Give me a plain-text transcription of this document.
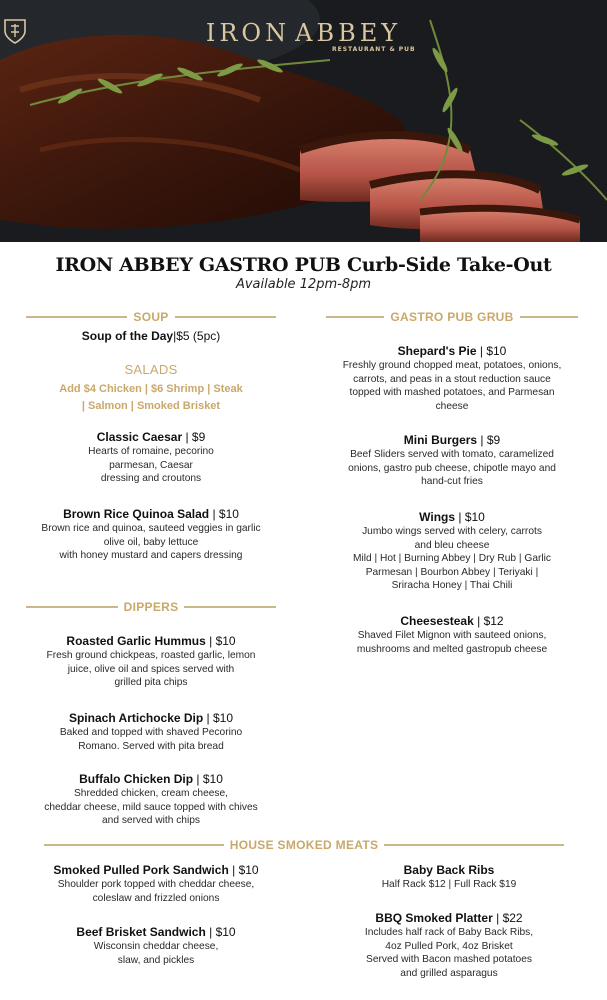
IRON ABBEY
RESTAURANT & PUB
IRON ABBEY GASTRO PUB Curb-Side Take-Out
Available 12pm-8pm
SOUP
Soup of the Day|$5 (5pc)
SALADS
Add $4 Chicken | $6 Shrimp | Steak
| Salmon | Smoked Brisket
Classic Caesar | $9
Hearts of romaine, pecorino
parmesan, Caesar
dressing and croutons
Brown Rice Quinoa Salad | $10
Brown rice and quinoa, sauteed veggies in garlic
olive oil, baby lettuce
with honey mustard and capers dressing
DIPPERS
Roasted Garlic Hummus | $10
Fresh ground chickpeas, roasted garlic, lemon
juice, olive oil and spices served with
grilled pita chips
Spinach Artichocke Dip | $10
Baked and topped with shaved Pecorino
Romano. Served with pita bread
Buffalo Chicken Dip | $10
Shredded chicken, cream cheese,
cheddar cheese, mild sauce topped with chives
and served with chips
GASTRO PUB GRUB
Shepard's Pie | $10
Freshly ground chopped meat, potatoes, onions,
carrots, and peas in a stout reduction sauce
topped with mashed potatoes, and Parmesan
cheese
Mini Burgers | $9
Beef Sliders served with tomato, caramelized
onions, gastro pub cheese, chipotle mayo and
hand-cut fries
Wings | $10
Jumbo wings served with celery, carrots
and bleu cheese
Mild | Hot | Burning Abbey | Dry Rub | Garlic
Parmesan | Bourbon Abbey | Teriyaki |
Sriracha Honey | Thai Chili
Cheesesteak | $12
Shaved Filet Mignon with sauteed onions,
mushrooms and melted gastropub cheese
HOUSE SMOKED MEATS
Smoked Pulled Pork Sandwich | $10
Shoulder pork topped with cheddar cheese,
coleslaw and frizzled onions
Beef Brisket Sandwich | $10
Wisconsin cheddar cheese,
slaw, and pickles
Baby Back Ribs
Half Rack $12 | Full Rack $19
BBQ Smoked Platter | $22
Includes half rack of Baby Back Ribs,
4oz Pulled Pork, 4oz Brisket
Served with Bacon mashed potatoes
and grilled asparagus
